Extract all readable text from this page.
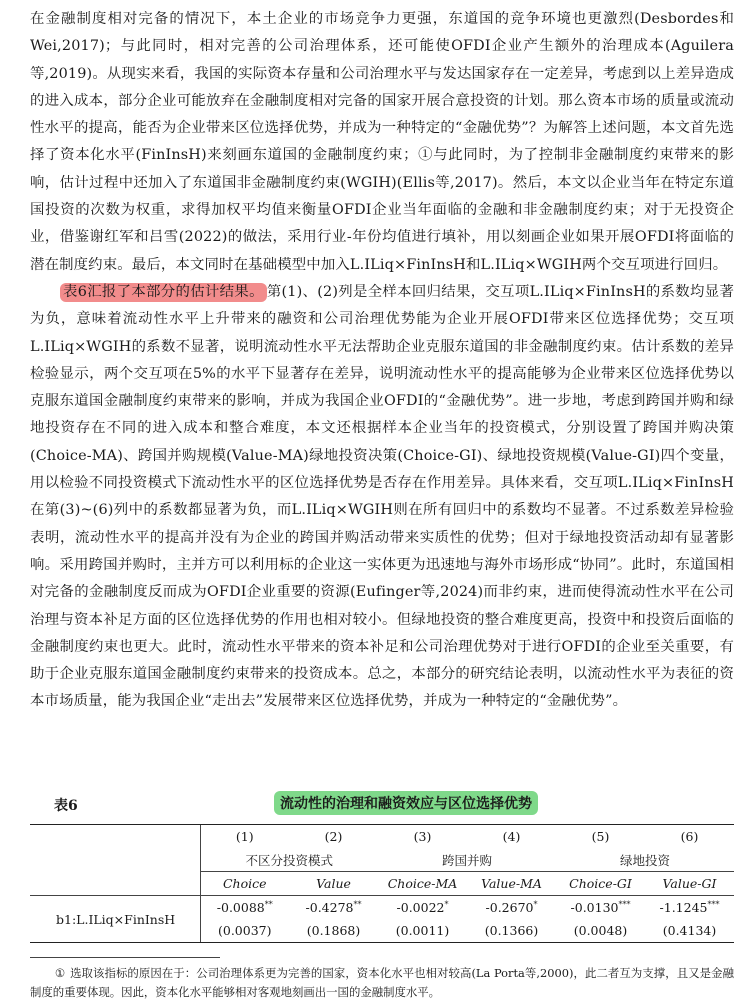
在金融制度相对完备的情况下，本土企业的市场竞争力更强，东道国的竞争环境也更激烈(Desbordes和Wei,2017)；与此同时，相对完善的公司治理体系，还可能使OFDI企业产生额外的治理成本(Aguilera等,2019)。从现实来看，我国的实际资本存量和公司治理水平与发达国家存在一定差异，考虑到以上差异造成的进入成本，部分企业可能放弃在金融制度相对完备的国家开展合意投资的计划。那么资本市场的质量或流动性水平的提高，能否为企业带来区位选择优势，并成为一种特定的“金融优势”？为解答上述问题，本文首先选择了资本化水平(FinInsH)来刻画东道国的金融制度约束；①与此同时，为了控制非金融制度约束带来的影响，估计过程中还加入了东道国非金融制度约束(WGIH)(Ellis等,2017)。然后，本文以企业当年在特定东道国投资的次数为权重，求得加权平均值来衡量OFDI企业当年面临的金融和非金融制度约束；对于无投资企业，借鉴谢红军和吕雪(2022)的做法，采用行业-年份均值进行填补，用以刻画企业如果开展OFDI将面临的潜在制度约束。最后，本文同时在基础模型中加入L.ILiq×FinInsH和L.ILiq×WGIH两个交互项进行回归。

表6汇报了本部分的估计结果。 第(1)、(2)列是全样本回归结果，交互项L.ILiq×FinInsH的系数均显著为负，意味着流动性水平上升带来的融资和公司治理优势能为企业开展OFDI带来区位选择优势；交互项L.ILiq×WGIH的系数不显著，说明流动性水平无法帮助企业克服东道国的非金融制度约束。估计系数的差异检验显示，两个交互项在5%的水平下显著存在差异，说明流动性水平的提高能够为企业带来区位选择优势以克服东道国金融制度约束带来的影响，并成为我国企业OFDI的“金融优势”。进一步地，考虑到跨国并购和绿地投资存在不同的进入成本和整合难度，本文还根据样本企业当年的投资模式，分别设置了跨国并购决策(Choice-MA)、跨国并购规模(Value-MA)绿地投资决策(Choice-GI)、绿地投资规模(Value-GI)四个变量，用以检验不同投资模式下流动性水平的区位选择优势是否存在作用差异。具体来看，交互项L.ILiq×FinInsH在第(3)~(6)列中的系数都显著为负，而L.ILiq×WGIH则在所有回归中的系数均不显著。不过系数差异检验表明，流动性水平的提高并没有为企业的跨国并购活动带来实质性的优势；但对于绿地投资活动却有显著影响。采用跨国并购时，主并方可以利用标的企业这一实体更为迅速地与海外市场形成“协同”。此时，东道国相对完备的金融制度反而成为OFDI企业重要的资源(Eufinger等,2024)而非约束，进而使得流动性水平在公司治理与资本补足方面的区位选择优势的作用也相对较小。但绿地投资的整合难度更高，投资中和投资后面临的金融制度约束也更大。此时，流动性水平带来的资本补足和公司治理优势对于进行OFDI的企业至关重要，有助于企业克服东道国金融制度约束带来的投资成本。总之，本部分的研究结论表明，以流动性水平为表征的资本市场质量，能为我国企业“走出去”发展带来区位选择优势，并成为一种特定的“金融优势”。

表6	流动性的治理和融资效应与区位选择优势
	(1)	(2)	(3)	(4)	(5)	(6)
	不区分投资模式		跨国并购		绿地投资	
	Choice	Value	Choice-MA	Value-MA	Choice-GI	Value-GI
b1:L.ILiq×FinInsH	-0.0088**	-0.4278**	-0.0022*	-0.2670*	-0.0130***	-1.1245***
	(0.0037)	(0.1868)	(0.0011)	(0.1366)	(0.0048)	(0.4134)

① 选取该指标的原因在于：公司治理体系更为完善的国家，资本化水平也相对较高(La Porta等,2000)，此二者互为支撑，且又是金融制度的重要体现。因此，资本化水平能够相对客观地刻画出一国的金融制度水平。
